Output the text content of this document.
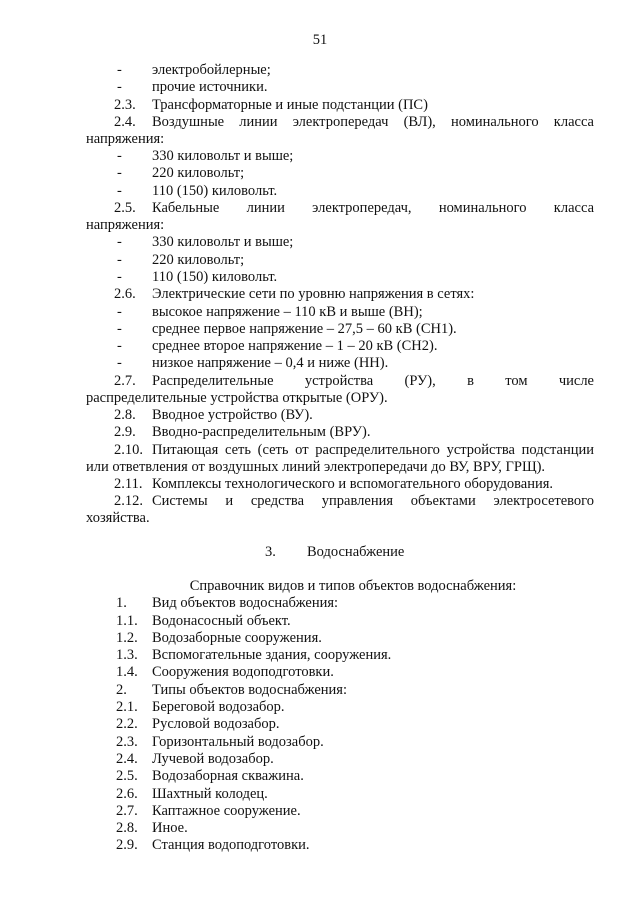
51
- электробойлерные;
- прочие источники.
2.3. Трансформаторные и иные подстанции (ПС)
2.4.	Воздушные линии электропередач (ВЛ), номинального класса
напряжения:
- 330 киловольт и выше;
- 220 киловольт;
- 110 (150) киловольт.
2.5.	Кабельные линии электропередач, номинального класса
напряжения:
- 330 киловольт и выше;
- 220 киловольт;
- 110 (150) киловольт.
2.6. Электрические сети по уровню напряжения в сетях:
- высокое напряжение – 110 кВ и выше (ВН);
- среднее первое напряжение – 27,5 – 60 кВ (СН1).
- среднее второе напряжение – 1 – 20 кВ (СН2).
- низкое напряжение – 0,4 и ниже (НН).
2.7.	Распределительные устройства (РУ), в том числе
распределительные устройства открытые (ОРУ).
2.8. Вводное устройство (ВУ).
2.9. Вводно-распределительным (ВРУ).
2.10. Питающая сеть (сеть от распределительного устройства подстанции
или ответвления от воздушных линий электропередачи до ВУ, ВРУ, ГРЩ).
2.11. Комплексы технологического и вспомогательного оборудования.
2.12. Системы и средства управления объектами электросетевого
хозяйства.
3. Водоснабжение
Справочник видов и типов объектов водоснабжения:
1. Вид объектов водоснабжения:
1.1. Водонасосный объект.
1.2. Водозаборные сооружения.
1.3. Вспомогательные здания, сооружения.
1.4. Сооружения водоподготовки.
2. Типы объектов водоснабжения:
2.1. Береговой водозабор.
2.2. Русловой водозабор.
2.3. Горизонтальный водозабор.
2.4. Лучевой водозабор.
2.5. Водозаборная скважина.
2.6. Шахтный колодец.
2.7. Каптажное сооружение.
2.8. Иное.
2.9. Станция водоподготовки.
